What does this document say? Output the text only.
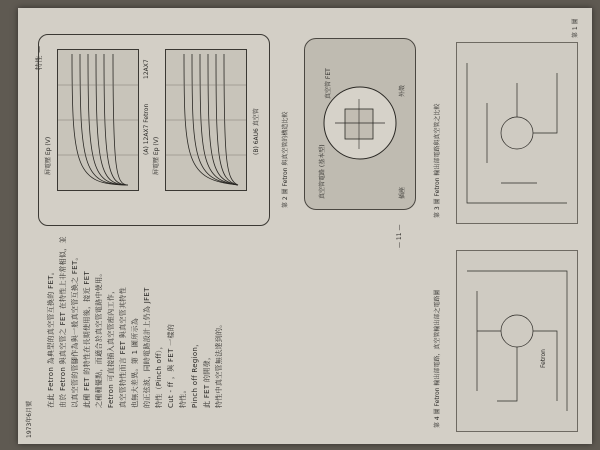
第 1 圖
1973年6月號
— 11 —
特性 —
在此 Fetron 為典型的真空管互換的 FET。 由於 Fetron 與真空管之 FET 在特性上非常相似，並 以真空管的管腳作為與一般真空管互換之 FET。 此種 FET 的特性在長期使用後，接近 FET 之種種優點，而適合於真空管電路中使用。 Fetron 可直接插入真空管座內工作， 真空管特性而言 FET 與真空管其特性 也無大差異。第 1 圖所示為 的正弦波，同時電路設計上仍為 JFET 特性（Pinch off）， Cut - ff ，與 FET 一樣的 特性。 Pinch off Region， 此 FET 的開發， 特性中真空管無法達到的。
(A) 12AX7 Fetron
12AX7
屏電壓 Ep (V)
(B) 6AU6 真空管
屏電壓 Ep (V)
真空管 FET	外殼
真空管電路 (基本型)	插座
第 2 圖 Fetron 與真空管的構造比較	第 3 圖 Fetron 輸出部電路與真空管之比較
Fetron
第 4 圖 Fetron 輸出部電路，真空管輸出部之電路圖
